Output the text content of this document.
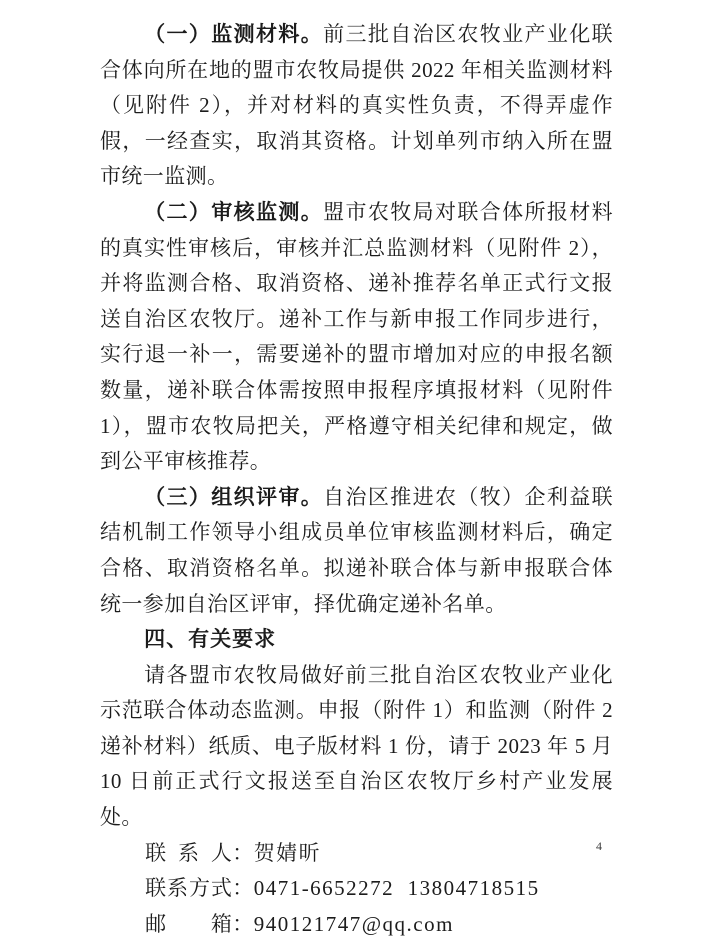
（一）监测材料。前三批自治区农牧业产业化联合体向所在地的盟市农牧局提供 2022 年相关监测材料（见附件 2），并对材料的真实性负责，不得弄虚作假，一经查实，取消其资格。计划单列市纳入所在盟市统一监测。

（二）审核监测。盟市农牧局对联合体所报材料的真实性审核后，审核并汇总监测材料（见附件 2），并将监测合格、取消资格、递补推荐名单正式行文报送自治区农牧厅。递补工作与新申报工作同步进行，实行退一补一，需要递补的盟市增加对应的申报名额数量，递补联合体需按照申报程序填报材料（见附件 1），盟市农牧局把关，严格遵守相关纪律和规定，做到公平审核推荐。

（三）组织评审。自治区推进农（牧）企利益联结机制工作领导小组成员单位审核监测材料后，确定合格、取消资格名单。拟递补联合体与新申报联合体统一参加自治区评审，择优确定递补名单。

四、有关要求

请各盟市农牧局做好前三批自治区农牧业产业化示范联合体动态监测。申报（附件 1）和监测（附件 2 递补材料）纸质、电子版材料 1 份，请于 2023 年 5 月 10 日前正式行文报送至自治区农牧厅乡村产业发展处。

联系人：贺婧昕

联系方式：0471-6652272  13804718515

邮箱：940121747@qq.com

4
